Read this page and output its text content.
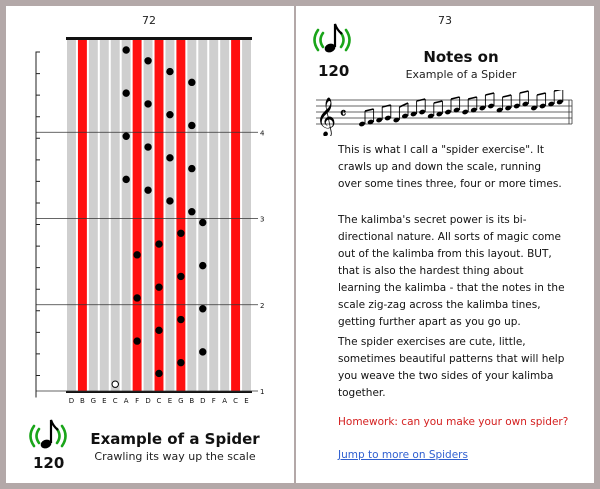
72
D B G E C A F D C E G B D F A C E
4
3
2
1
120
Example of a Spider
Crawling its way up the scale
73
120
Notes on
Example of a Spider
𝄞 𝄴

This is what I call a "spider exercise". It crawls up and down the scale, running over some tines three, four or more times.

The kalimba's secret power is its bi-directional nature. All sorts of magic come out of the kalimba from this layout. BUT, that is also the hardest thing about learning the kalimba - that the notes in the scale zig-zag across the kalimba tines, getting further apart as you go up.

The spider exercises are cute, little, sometimes beautiful patterns that will help you weave the two sides of your kalimba together.

Homework: can you make your own spider?
Jump to more on Spiders
